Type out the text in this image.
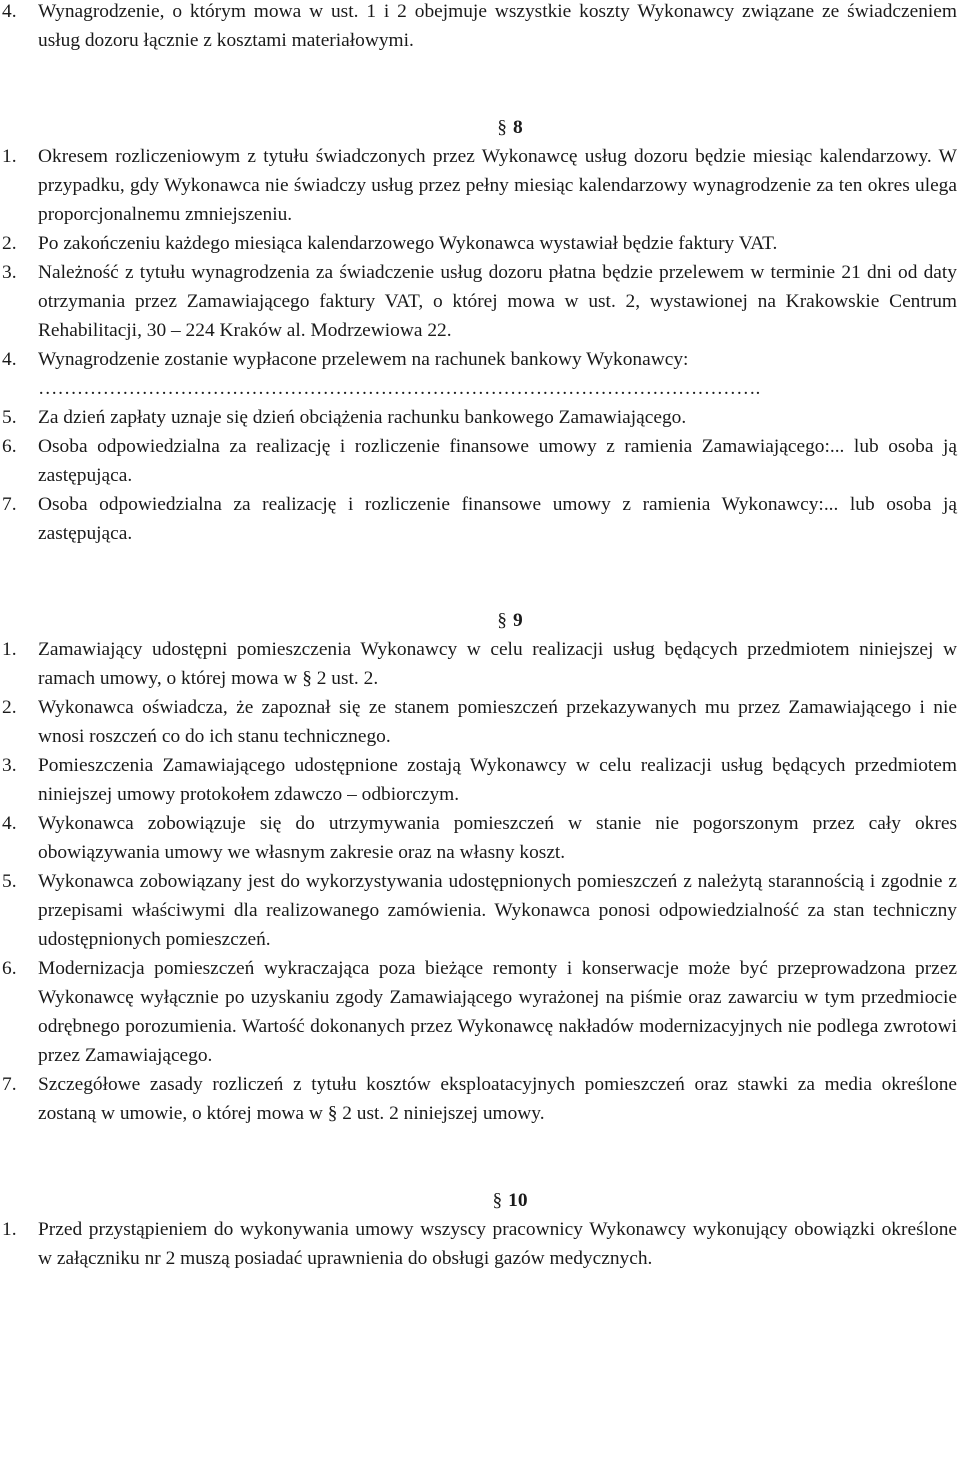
4. Wynagrodzenie, o którym mowa w ust. 1 i 2 obejmuje wszystkie koszty Wykonawcy związane ze świadczeniem usług dozoru łącznie z kosztami materiałowymi.
§ 8
1. Okresem rozliczeniowym z tytułu świadczonych przez Wykonawcę usług dozoru będzie miesiąc kalendarzowy. W przypadku, gdy Wykonawca nie świadczy usług przez pełny miesiąc kalendarzowy wynagrodzenie za ten okres ulega proporcjonalnemu zmniejszeniu.
2. Po zakończeniu każdego miesiąca kalendarzowego Wykonawca wystawiał będzie faktury VAT.
3. Należność z tytułu wynagrodzenia za świadczenie usług dozoru płatna będzie przelewem w terminie 21 dni od daty otrzymania przez Zamawiającego faktury VAT, o której mowa w ust. 2, wystawionej na Krakowskie Centrum Rehabilitacji, 30 – 224 Kraków al. Modrzewiowa 22.
4. Wynagrodzenie zostanie wypłacone przelewem na rachunek bankowy Wykonawcy:
………………………………………………………………………………………………….
5. Za dzień zapłaty uznaje się dzień obciążenia rachunku bankowego Zamawiającego.
6. Osoba odpowiedzialna za realizację i rozliczenie finansowe umowy z ramienia Zamawiającego:... lub osoba ją zastępująca.
7. Osoba odpowiedzialna za realizację i rozliczenie finansowe umowy z ramienia Wykonawcy:... lub osoba ją zastępująca.
§ 9
1. Zamawiający udostępni pomieszczenia Wykonawcy w celu realizacji usług będących przedmiotem niniejszej w ramach umowy, o której mowa w § 2 ust. 2.
2. Wykonawca oświadcza, że zapoznał się ze stanem pomieszczeń przekazywanych mu przez Zamawiającego i nie wnosi roszczeń co do ich stanu technicznego.
3. Pomieszczenia Zamawiającego udostępnione zostają Wykonawcy w celu realizacji usług będących przedmiotem niniejszej umowy protokołem zdawczo – odbiorczym.
4. Wykonawca zobowiązuje się do utrzymywania pomieszczeń w stanie nie pogorszonym przez cały okres obowiązywania umowy we własnym zakresie oraz na własny koszt.
5. Wykonawca zobowiązany jest do wykorzystywania udostępnionych pomieszczeń z należytą starannością i zgodnie z przepisami właściwymi dla realizowanego zamówienia. Wykonawca ponosi odpowiedzialność za stan techniczny udostępnionych pomieszczeń.
6. Modernizacja pomieszczeń wykraczająca poza bieżące remonty i konserwacje może być przeprowadzona przez Wykonawcę wyłącznie po uzyskaniu zgody Zamawiającego wyrażonej na piśmie oraz zawarciu w tym przedmiocie odrębnego porozumienia. Wartość dokonanych przez Wykonawcę nakładów modernizacyjnych nie podlega zwrotowi przez Zamawiającego.
7. Szczegółowe zasady rozliczeń z tytułu kosztów eksploatacyjnych pomieszczeń oraz stawki za media określone zostaną w umowie, o której mowa w § 2 ust. 2 niniejszej umowy.
§ 10
1. Przed przystąpieniem do wykonywania umowy wszyscy pracownicy Wykonawcy wykonujący obowiązki określone w załączniku nr 2 muszą posiadać uprawnienia do obsługi gazów medycznych.
